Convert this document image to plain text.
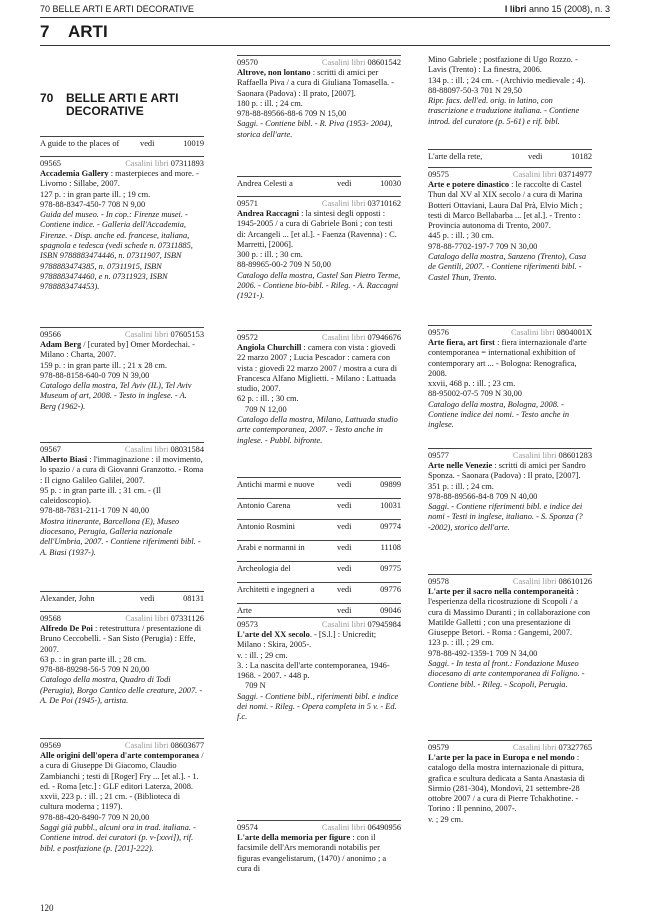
70 BELLE ARTI E ARTI DECORATIVE	l libri anno 15 (2008), n. 3
7 ARTI
70 BELLE ARTI E ARTI DECORATIVE
A guide to the places of vedi	10019
09565	Casalini libri 07311893

Accademia Gallery : masterpieces and more. - Livorno : Sillabe, 2007.

127 p. : in gran parte ill. ; 19 cm.

978-88-8347-450-7 708 N 9,00

Guida del museo. - In cop.: Firenze musei. - Contiene indice. - Galleria dell'Accademia, Firenze. - Disp. anche ed. francese, italiana, spagnola e tedesca (vedi schede n. 07311885, ISBN 9788883474446, n. 07311907, ISBN 9788883474385, n. 07311915, ISBN 9788883474460, e n. 07311923, ISBN 9788883474453).

09566	Casalini libri 07605153

Adam Berg / [curated by] Omer Mordechai. - Milano : Charta, 2007.

159 p. : in gran parte ill. ; 21 x 28 cm.

978-88-8158-640-0 709 N 39,00

Catalogo della mostra, Tel Aviv (IL), Tel Aviv Museum of art, 2008. - Testo in inglese. - A. Berg (1962-).

09567	Casalini libri 08031584

Alberto Biasi : l'immaginazione : il movimento, lo spazio / a cura di Giovanni Granzotto. - Roma : Il cigno Galileo Galilei, 2007.

95 p. : in gran parte ill. ; 31 cm. - (Il caleidoscopio).

978-88-7831-211-1 709 N 40,00

Mostra itinerante, Barcellona (E), Museo diocesano, Perugia, Galleria nazionale dell'Umbria, 2007. - Contiene riferimenti bibl. - A. Biasi (1937-).

Alexander, John	vedi	08131
09568	Casalini libri 07331126

Alfredo De Poi : retestruttura / presentazione di Bruno Ceccobelli. - San Sisto (Perugia) : Effe, 2007.

63 p. : in gran parte ill. ; 28 cm.

978-88-89298-56-5 709 N 20,00

Catalogo della mostra, Quadro di Todi (Perugia), Borgo Cantico delle creature, 2007. - A. De Poi (1945-), artista.

09569	Casalini libri 08603677

Alle origini dell'opera d'arte contemporanea / a cura di Giuseppe Di Giacomo, Claudio Zambianchi ; testi di [Roger] Fry ... [et al.]. - 1. ed. - Roma [etc.] : GLF editori Laterza, 2008.

xxvii, 223 p. : ill. ; 21 cm. - (Biblioteca di cultura moderna ; 1197).

978-88-420-8490-7 709 N 20,00

Saggi già pubbl., alcuni ora in trad. italiana. - Contiene introd. dei curatori (p. v-[xxvi]), rif. bibl. e postfazione (p. [201]-222).

09570	Casalini libri 08601542

Altrove, non lontano : scritti di amici per Raffaella Piva / a cura di Giuliana Tomasella. - Saonara (Padova) : Il prato, [2007].

180 p. : ill. ; 24 cm.

978-88-89566-88-6 709 N 15,00

Saggi. - Contiene bibl. - R. Piva (1953- 2004), storica dell'arte.

Andrea Celesti a	vedi	10030
09571	Casalini libri 03710162

Andrea Raccagni : la sintesi degli opposti : 1945-2005 / a cura di Gabriele Boni ; con testi di: Arcangeli ... [et al.]. - Faenza (Ravenna) : C. Marretti, [2006].

300 p. : ill. ; 30 cm.

88-89965-00-2 709 N 50,00

Catalogo della mostra, Castel San Pietro Terme, 2006. - Contiene bio-bibl. - Rileg. - A. Raccagni (1921-).

09572	Casalini libri 07946676

Angiola Churchill : camera con vista : giovedì 22 marzo 2007 ; Lucia Pescador : camera con vista : giovedì 22 marzo 2007 / mostra a cura di Francesca Alfano Miglietti. - Milano : Lattuada studio, 2007.

62 p. : ill. ; 30 cm.

709 N 12,00

Catalogo della mostra, Milano, Lattuada studio arte contemporanea, 2007. - Testo anche in inglese. - Pubbl. bifronte.

Antichi marmi e nuove	vedi	09899
Antonio Carena	vedi	10031
Antonio Rosmini	vedi	09774
Arabi e normanni in	vedi	11108
Archeologia del	vedi	09775
Architetti e ingegneri a	vedi	09776
Arte	vedi	09046
09573	Casalini libri 07945984

L'arte del XX secolo. - [S.l.] : Unicredit; Milano : Skira, 2005-.

v. : ill. ; 29 cm.

3. : La nascita dell'arte contemporanea, 1946-1968. - 2007. - 448 p.

709 N

Saggi. - Contiene bibl., riferimenti bibl. e indice dei nomi. - Rileg. - Opera completa in 5 v. - Ed. f.c.

09574	Casalini libri 06490956

L'arte della memoria per figure : con il facsimile dell'Ars memorandi notabilis per figuras evangelistarum, (1470) / anonimo ; a cura di

Mino Gabriele ; postfazione di Ugo Rozzo. - Lavis (Trento) : La finestra, 2006.

134 p. : ill. ; 24 cm. - (Archivio medievale ; 4).

88-88097-50-3 701 N 29,50

Ripr. facs. dell'ed. orig. in latino, con trascrizione e traduzione italiana. - Contiene introd. del curatore (p. 5-61) e rif. bibl.

L'arte della rete,	vedi	10182
09575	Casalini libri 03714977

Arte e potere dinastico : le raccolte di Castel Thun dal XV al XIX secolo / a cura di Marina Botteri Ottaviani, Laura Dal Prà, Elvio Mich ; testi di Marco Bellabarba ... [et al.]. - Trento : Provincia autonoma di Trento, 2007.

445 p. : ill. ; 30 cm.

978-88-7702-197-7 709 N 30,00

Catalogo della mostra, Sanzeno (Trento), Casa de Gentili, 2007. - Contiene riferimenti bibl. - Castel Thun, Trento.

09576	Casalini libri 0804001X

Arte fiera, art first : fiera internazionale d'arte contemporanea = international exhibition of contemporary art ... - Bologna: Renografica, 2008.

xxvii, 468 p. : ill. ; 23 cm.

88-95002-07-5 709 N 30,00

Catalogo della mostra, Bologna, 2008. - Contiene indice dei nomi. - Testo anche in inglese.

09577	Casalini libri 08601283

Arte nelle Venezie : scritti di amici per Sandro Sponza. - Saonara (Padova) : Il prato, [2007].

351 p. : ill. ; 24 cm.

978-88-89566-84-8 709 N 40,00

Saggi. - Contiene riferimenti bibl. e indice dei nomi - Testi in inglese, italiano. - S. Sponza (?-2002), storico dell'arte.

09578	Casalini libri 08610126

L'arte per il sacro nella contemporaneità : l'esperienza della ricostruzione di Scopoli / a cura di Massimo Duranti ; in collaborazione con Matilde Galletti ; con una presentazione di Giuseppe Betori. - Roma : Gangemi, 2007.

123 p. : ill. ; 29 cm.

978-88-492-1359-1 709 N 34,00

Saggi. - In testa al front.: Fondazione Museo diocesano di arte contemporanea di Foligno. - Contiene bibl. - Rileg. - Scopoli, Perugia.

09579	Casalini libri 07327765

L'arte per la pace in Europa e nel mondo : catalogo della mostra internazionale di pittura, grafica e scultura dedicata a Santa Anastasia di Sirmio (281-304), Mondovì, 21 settembre-28 ottobre 2007 / a cura di Pierre Tchakhotine. - Torino : Il pennino, 2007-.

v. ; 29 cm.

120
